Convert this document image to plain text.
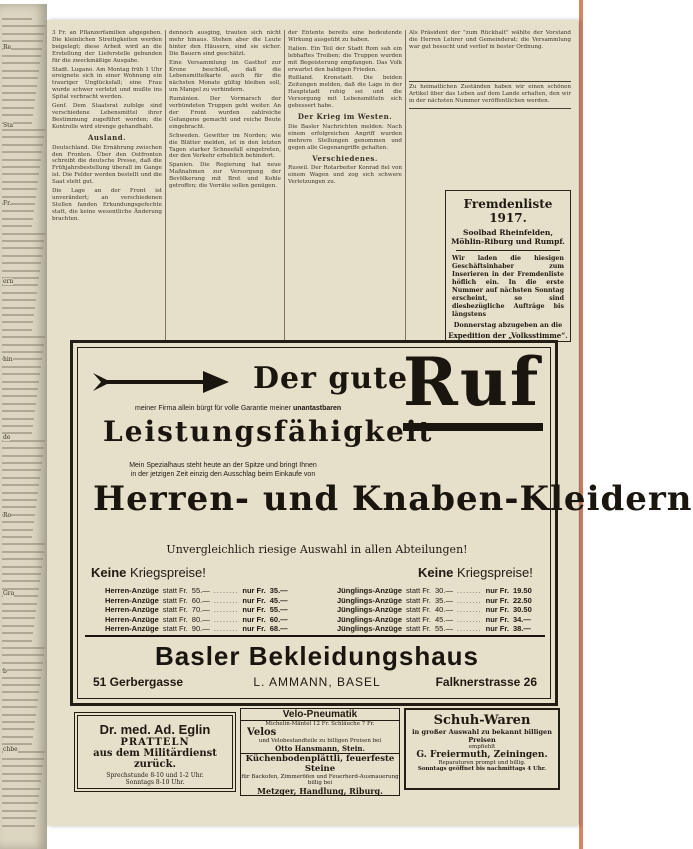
Re
Sta
Fr.
ern
hin
de
Ro
Gra
b
chbe

3 Fr. an Pflanzerfamilien abgegeben. Die kleinlichen Streitigkeiten werden beigelegt; diese Arbeit wird an die Erstellung der Lieferstelle gebunden für die zweckmäßige Ausgabe.

Stadt. Lugano. Am Montag früh 1 Uhr ereignete sich in einer Wohnung ein trauriger Unglücksfall; eine Frau wurde schwer verletzt und mußte ins Spital verbracht werden.

Genf. Dem Staatsrat zufolge sind verschiedene Lebensmittel ihrer Bestimmung zugeführt worden; die Kontrolle wird strenge gehandhabt.

Ausland.

Deutschland. Die Ernährung zwischen den Fronten. Über den Ostfronten schreibt die deutsche Presse, daß die Frühjahrsbestellung überall im Gange ist. Die Felder werden bestellt und die Saat steht gut.

Die Lage an der Front ist unverändert; an verschiedenen Stellen fanden Erkundungsgefechte statt, die keine wesentliche Änderung brachten.

dennoch ausging, trauten sich nicht mehr hinaus. Stehen aber die Leute hinter den Häusern, sind sie sicher. Die Bauern sind geschätzt.

Eine Versammlung im Gasthof zur Krone beschloß, daß die Lebensmittelkarte auch für die nächsten Monate gültig bleiben soll, um Mangel zu verhindern.

Rumänien. Der Vormarsch der verbündeten Truppen geht weiter. An der Front wurden zahlreiche Gefangene gemacht und reiche Beute eingebracht.

Schweden. Gewitter im Norden; wie die Blätter melden, ist in den letzten Tagen starker Schneefall eingetreten, der den Verkehr erheblich behindert.

Spanien. Die Regierung hat neue Maßnahmen zur Versorgung der Bevölkerung mit Brot und Kohle getroffen; die Vorräte sollen genügen.

der Entente bereits eine bedeutende Wirkung ausgeübt zu haben.

Italien. Ein Teil der Stadt Rom sah ein lebhaftes Treiben; die Truppen wurden mit Begeisterung empfangen. Das Volk erwartet den baldigen Frieden.

Rußland. Kronstadt. Die beiden Zeitungen melden, daß die Lage in der Hauptstadt ruhig sei und die Versorgung mit Lebensmitteln sich gebessert habe.

Der Krieg im Westen.

Die Basler Nachrichten melden: Nach einem erfolgreichen Angriff wurden mehrere Stellungen genommen und gegen alle Gegenangriffe gehalten.

Verschiedenes.

Ruswil. Der Rotarbeiter Konrad fiel von einem Wagen und zog sich schwere Verletzungen zu.

Als Präsident der "zum Rückhalt" wählte der Vorstand die Herren Lehrer und Gemeinderat; die Versammlung war gut besucht und verlief in bester Ordnung.

Zu heimatlichen Zuständen haben wir einen schönen Artikel über das Leben auf dem Lande erhalten, den wir in der nächsten Nummer veröffentlichen werden.

Fremdenliste 1917.
Soolbad Rheinfelden,
Möhlin-Riburg und Rumpf.
Wir laden die hiesigen Geschäftsinhaber zum Inserieren in der Fremdenliste höflich ein. In die erste Nummer auf nächsten Sonntag erscheint, so sind diesbezügliche Aufträge bis längstens
Donnerstag abzugeben an die
Expedition der „Volksstimme“.
Der gute
Ruf
meiner Firma allein bürgt für volle Garantie meiner unantastbaren
Leistungsfähigkeit
Mein Spezialhaus steht heute an der Spitze und bringt Ihnen
in der jetzigen Zeit einzig den Ausschlag beim Einkaufe von
Herren- und Knaben-Kleidern
Unvergleichlich riesige Auswahl in allen Abteilungen!
Keine Kriegspreise!	Keine Kriegspreise!
Herren-Anzüge	statt Fr.	55.—	........	nur Fr.	35.—
Herren-Anzüge	statt Fr.	60.—	........	nur Fr.	45.—
Herren-Anzüge	statt Fr.	70.—	........	nur Fr.	55.—
Herren-Anzüge	statt Fr.	80.—	........	nur Fr.	60.—
Herren-Anzüge	statt Fr.	90.—	........	nur Fr.	68.—
Jünglings-Anzüge	statt Fr.	30.—	........	nur Fr.	19.50
Jünglings-Anzüge	statt Fr.	35.—	........	nur Fr.	22.50
Jünglings-Anzüge	statt Fr.	40.—	........	nur Fr.	30.50
Jünglings-Anzüge	statt Fr.	45.—	........	nur Fr.	34.—
Jünglings-Anzüge	statt Fr.	55.—	........	nur Fr.	38.—
Basler Bekleidungshaus
51 Gerbergasse	L. AMMANN, BASEL	Falknerstrasse 26
Dr. med. Ad. Eglin
PRATTELN
aus dem Militärdienst zurück.
Sprechstunde 8-10 und 1-2 Uhr.
Sonntags 8-10 Uhr.
Velo-Pneumatik
Michelin-Mäntel 12 Fr. Schläuche 7 Fr.
Velos
und Velobestandteile zu billigen Preisen bei
Otto Hansmann, Stein.
Küchenbodenplättli, feuerfeste Steine
für Backofen, Zimmeröfen und Feuerherd-Ausmauerung billig bei
Metzger, Handlung, Riburg.
Schuh-Waren
in großer Auswahl zu bekannt billigen Preisen
empfiehlt
G. Freiermuth, Zeiningen.
Reparaturen prompt und billig.
Sonntags geöffnet bis nachmittags 4 Uhr.
